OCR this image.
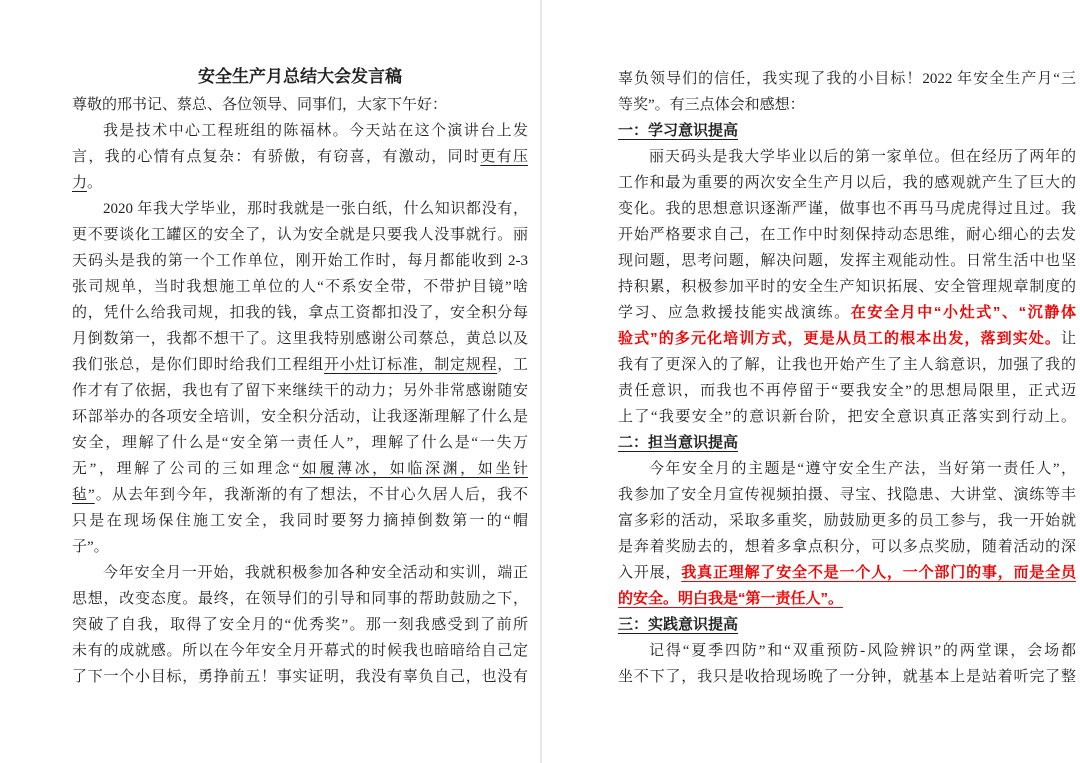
安全生产月总结大会发言稿
尊敬的邢书记、蔡总、各位领导、同事们，大家下午好：
我是技术中心工程班组的陈福林。今天站在这个演讲台上发
言，我的心情有点复杂：有骄傲，有窃喜，有激动，同时更有压
力。
2020 年我大学毕业，那时我就是一张白纸，什么知识都没有，
更不要谈化工罐区的安全了，认为安全就是只要我人没事就行。丽
天码头是我的第一个工作单位，刚开始工作时，每月都能收到 2-3
张司规单，当时我想施工单位的人“不系安全带，不带护目镜”啥
的，凭什么给我司规，扣我的钱，拿点工资都扣没了，安全积分每
月倒数第一，我都不想干了。这里我特别感谢公司蔡总，黄总以及
我们张总，是你们即时给我们工程组开小灶订标准，制定规程，工
作才有了依据，我也有了留下来继续干的动力；另外非常感谢随安
环部举办的各项安全培训，安全积分活动，让我逐渐理解了什么是
安全，理解了什么是“安全第一责任人”，理解了什么是“一失万
无”，理解了公司的三如理念“如履薄冰，如临深渊，如坐针
毡”。从去年到今年，我渐渐的有了想法，不甘心久居人后，我不
只是在现场保住施工安全，我同时要努力摘掉倒数第一的“帽
子”。
今年安全月一开始，我就积极参加各种安全活动和实训，端正
思想，改变态度。最终，在领导们的引导和同事的帮助鼓励之下，
突破了自我，取得了安全月的“优秀奖”。那一刻我感受到了前所
未有的成就感。所以在今年安全月开幕式的时候我也暗暗给自己定
了下一个小目标，勇挣前五！事实证明，我没有辜负自己，也没有
辜负领导们的信任，我实现了我的小目标！2022 年安全生产月“三
等奖”。有三点体会和感想：
一：学习意识提高
丽天码头是我大学毕业以后的第一家单位。但在经历了两年的
工作和最为重要的两次安全生产月以后，我的感观就产生了巨大的
变化。我的思想意识逐渐严谨，做事也不再马马虎虎得过且过。我
开始严格要求自己，在工作中时刻保持动态思维，耐心细心的去发
现问题，思考问题，解决问题，发挥主观能动性。日常生活中也坚
持积累，积极参加平时的安全生产知识拓展、安全管理规章制度的
学习、应急救援技能实战演练。在安全月中“小灶式”、“沉静体
验式”的多元化培训方式，更是从员工的根本出发，落到实处。让
我有了更深入的了解，让我也开始产生了主人翁意识，加强了我的
责任意识，而我也不再停留于“要我安全”的思想局限里，正式迈
上了“我要安全”的意识新台阶，把安全意识真正落实到行动上。
二：担当意识提高
今年安全月的主题是“遵守安全生产法，当好第一责任人”，
我参加了安全月宣传视频拍摄、寻宝、找隐患、大讲堂、演练等丰
富多彩的活动，采取多重奖，励鼓励更多的员工参与，我一开始就
是奔着奖励去的，想着多拿点积分，可以多点奖励，随着活动的深
入开展，我真正理解了安全不是一个人，一个部门的事，而是全员
的安全。明白我是“第一责任人”。
三：实践意识提高
记得“夏季四防”和“双重预防-风险辨识”的两堂课，会场都
坐不下了，我只是收拾现场晚了一分钟，就基本上是站着听完了整
